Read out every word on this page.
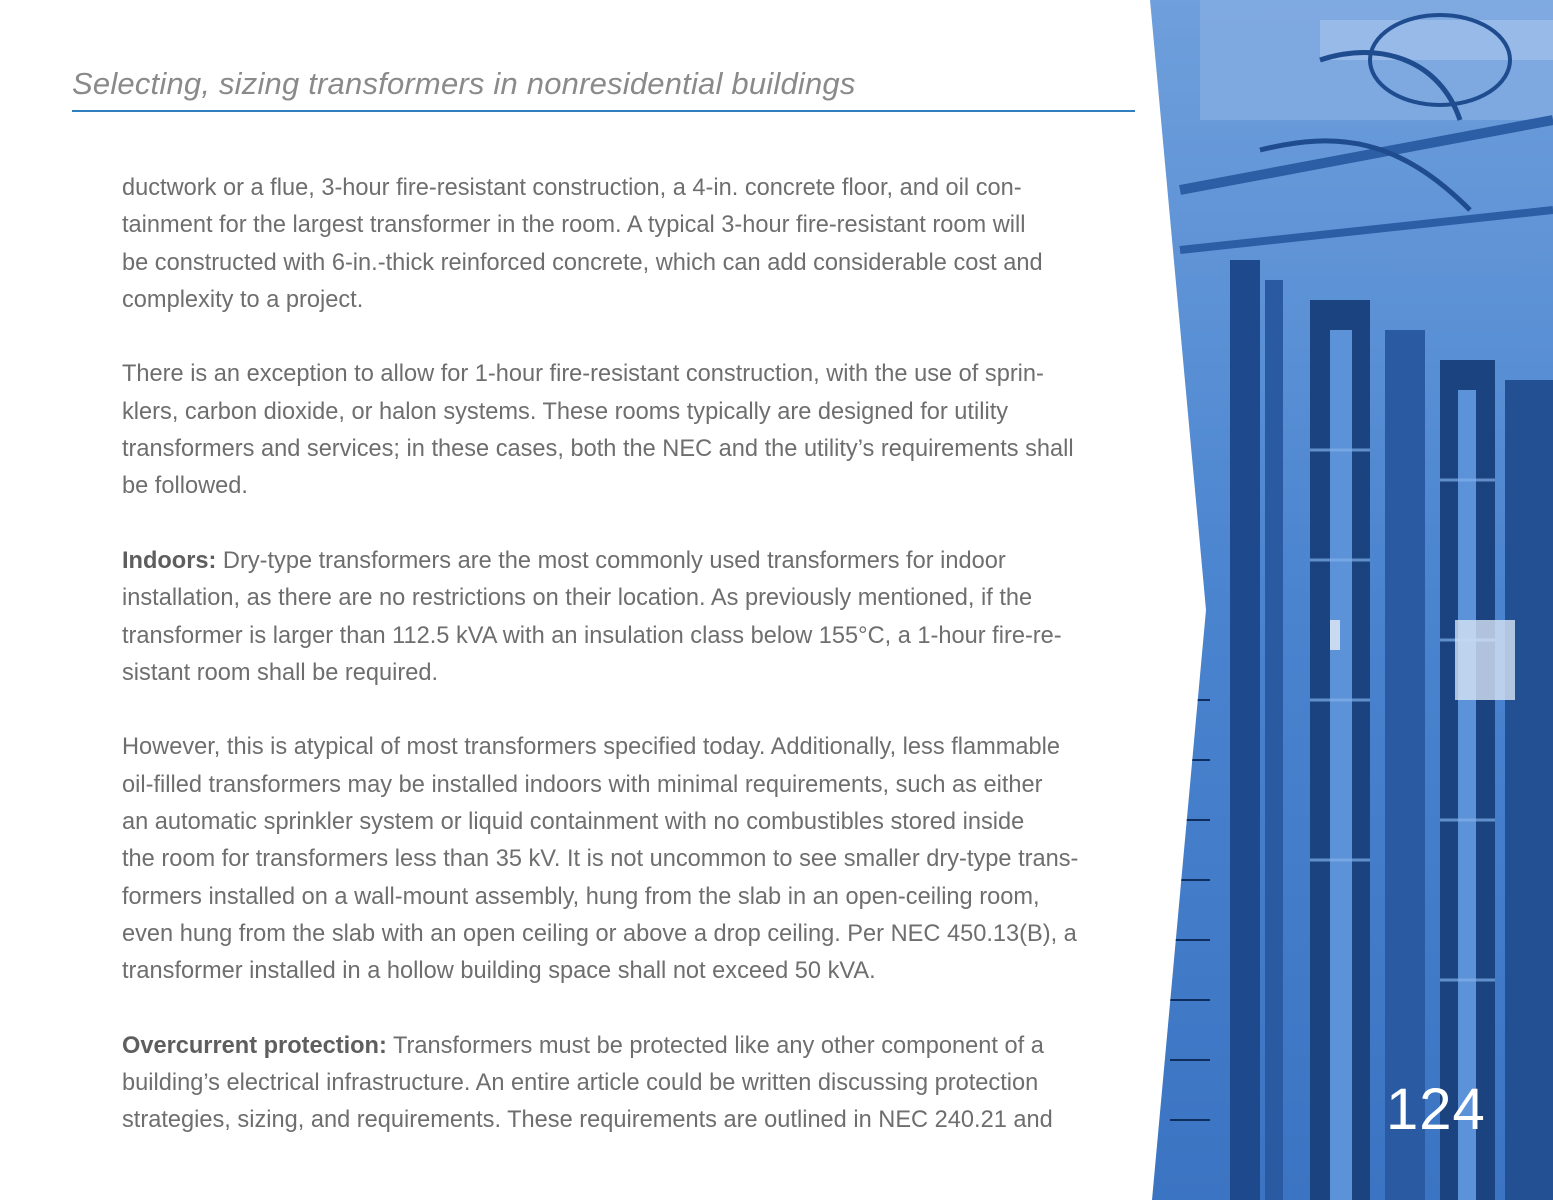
Selecting, sizing transformers in nonresidential buildings

ductwork or a flue, 3-hour fire-resistant construction, a 4-in. concrete floor, and oil con-
tainment for the largest transformer in the room. A typical 3-hour fire-resistant room will
be constructed with 6-in.-thick reinforced concrete, which can add considerable cost and
complexity to a project.

There is an exception to allow for 1-hour fire-resistant construction, with the use of sprin-
klers, carbon dioxide, or halon systems. These rooms typically are designed for utility
transformers and services; in these cases, both the NEC and the utility’s requirements shall
be followed.

Indoors: Dry-type transformers are the most commonly used transformers for indoor
installation, as there are no restrictions on their location. As previously mentioned, if the
transformer is larger than 112.5 kVA with an insulation class below 155°C, a 1-hour fire-re-
sistant room shall be required.

However, this is atypical of most transformers specified today. Additionally, less flammable
oil-filled transformers may be installed indoors with minimal requirements, such as either
an automatic sprinkler system or liquid containment with no combustibles stored inside
the room for transformers less than 35 kV. It is not uncommon to see smaller dry-type trans-
formers installed on a wall-mount assembly, hung from the slab in an open-ceiling room,
even hung from the slab with an open ceiling or above a drop ceiling. Per NEC 450.13(B), a
transformer installed in a hollow building space shall not exceed 50 kVA.

Overcurrent protection: Transformers must be protected like any other component of a
building’s electrical infrastructure. An entire article could be written discussing protection
strategies, sizing, and requirements. These requirements are outlined in NEC 240.21 and	124
